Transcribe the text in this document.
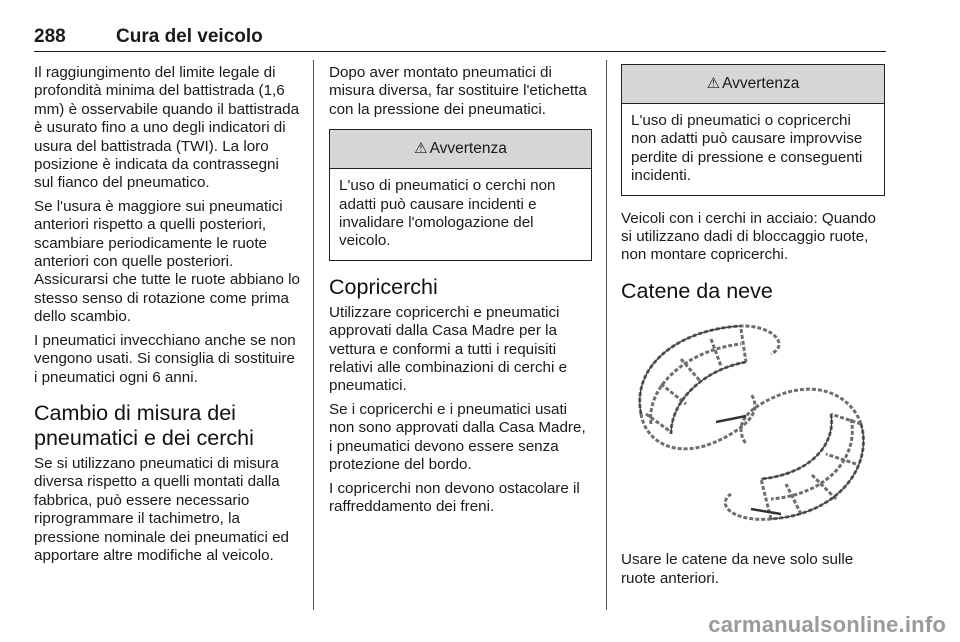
288	Cura del veicolo

Il raggiungimento del limite legale di profondità minima del battistrada (1,6 mm) è osservabile quando il battistrada è usurato fino a uno degli indicatori di usura del battistrada (TWI). La loro posizione è indicata da contrassegni sul fianco del pneumatico.

Se l'usura è maggiore sui pneumatici anteriori rispetto a quelli posteriori, scambiare periodicamente le ruote anteriori con quelle posteriori. Assicurarsi che tutte le ruote abbiano lo stesso senso di rotazione come prima dello scambio.

I pneumatici invecchiano anche se non vengono usati. Si consiglia di sostituire i pneumatici ogni 6 anni.

Cambio di misura dei pneumatici e dei cerchi

Se si utilizzano pneumatici di misura diversa rispetto a quelli montati dalla fabbrica, può essere necessario riprogrammare il tachimetro, la pressione nominale dei pneumatici ed apportare altre modifiche al veicolo.

Dopo aver montato pneumatici di misura diversa, far sostituire l'etichetta con la pressione dei pneumatici.

⚠ Avvertenza
L'uso di pneumatici o cerchi non adatti può causare incidenti e invalidare l'omologazione del veicolo.
Copricerchi

Utilizzare copricerchi e pneumatici approvati dalla Casa Madre per la vettura e conformi a tutti i requisiti relativi alle combinazioni di cerchi e pneumatici.

Se i copricerchi e i pneumatici usati non sono approvati dalla Casa Madre, i pneumatici devono essere senza protezione del bordo.

I copricerchi non devono ostacolare il raffreddamento dei freni.

⚠ Avvertenza
L'uso di pneumatici o copricerchi non adatti può causare improvvise perdite di pressione e conseguenti incidenti.

Veicoli con i cerchi in acciaio: Quando si utilizzano dadi di bloccaggio ruote, non montare copricerchi.

Catene da neve

Usare le catene da neve solo sulle ruote anteriori.

carmanualsonline.info
